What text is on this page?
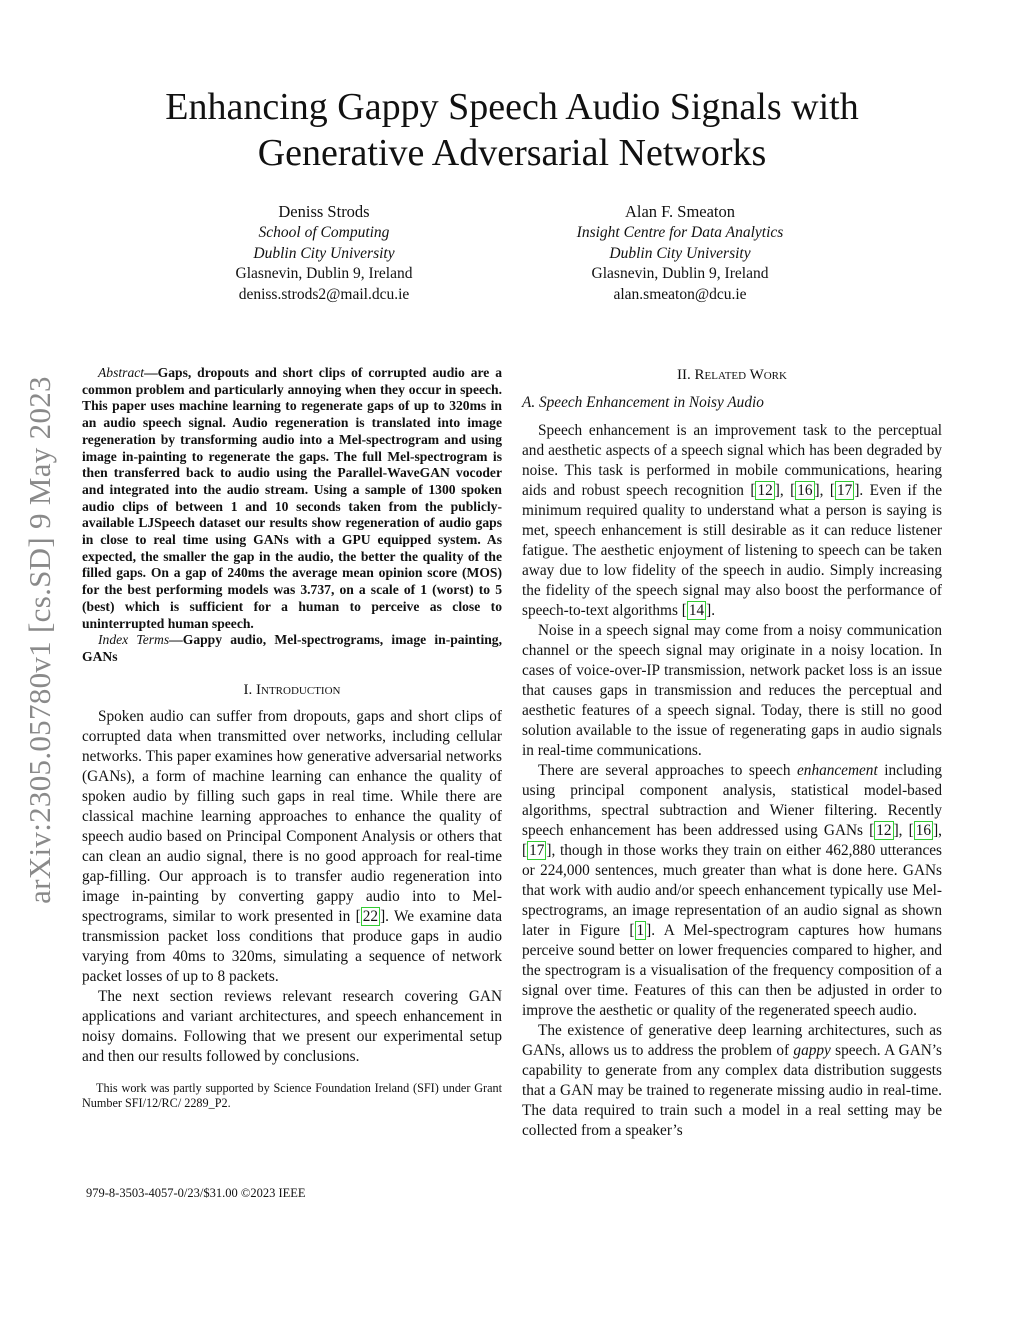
arXiv:2305.05780v1 [cs.SD] 9 May 2023
Enhancing Gappy Speech Audio Signals with
Generative Adversarial Networks
Deniss Strods
School of Computing
Dublin City University
Glasnevin, Dublin 9, Ireland
deniss.strods2@mail.dcu.ie
Alan F. Smeaton
Insight Centre for Data Analytics
Dublin City University
Glasnevin, Dublin 9, Ireland
alan.smeaton@dcu.ie

Abstract—Gaps, dropouts and short clips of corrupted audio are a common problem and particularly annoying when they occur in speech. This paper uses machine learning to regenerate gaps of up to 320ms in an audio speech signal. Audio regeneration is translated into image regeneration by transforming audio into a Mel-spectrogram and using image in-painting to regenerate the gaps. The full Mel-spectrogram is then transferred back to audio using the Parallel-WaveGAN vocoder and integrated into the audio stream. Using a sample of 1300 spoken audio clips of between 1 and 10 seconds taken from the publicly-available LJSpeech dataset our results show regeneration of audio gaps in close to real time using GANs with a GPU equipped system. As expected, the smaller the gap in the audio, the better the quality of the filled gaps. On a gap of 240ms the average mean opinion score (MOS) for the best performing models was 3.737, on a scale of 1 (worst) to 5 (best) which is sufficient for a human to perceive as close to uninterrupted human speech.

Index Terms—Gappy audio, Mel-spectrograms, image in-painting, GANs

I. Introduction

Spoken audio can suffer from dropouts, gaps and short clips of corrupted data when transmitted over networks, including cellular networks. This paper examines how generative adversarial networks (GANs), a form of machine learning can enhance the quality of spoken audio by filling such gaps in real time. While there are classical machine learning approaches to enhance the quality of speech audio based on Principal Component Analysis or others that can clean an audio signal, there is no good approach for real-time gap-filling. Our approach is to transfer audio regeneration into image in-painting by converting gappy audio into to Mel-spectrograms, similar to work presented in [ 22 ]. We examine data transmission packet loss conditions that produce gaps in audio varying from 40ms to 320ms, simulating a sequence of network packet losses of up to 8 packets.

The next section reviews relevant research covering GAN applications and variant architectures, and speech enhancement in noisy domains. Following that we present our experimental setup and then our results followed by conclusions.

This work was partly supported by Science Foundation Ireland (SFI) under Grant Number SFI/12/RC/ 2289_P2.

979-8-3503-4057-0/23/$31.00 ©2023 IEEE

II. Related Work

A. Speech Enhancement in Noisy Audio

Speech enhancement is an improvement task to the perceptual and aesthetic aspects of a speech signal which has been degraded by noise. This task is performed in mobile communications, hearing aids and robust speech recognition [ 12 ], [ 16 ], [ 17 ]. Even if the minimum required quality to understand what a person is saying is met, speech enhancement is still desirable as it can reduce listener fatigue. The aesthetic enjoyment of listening to speech can be taken away due to low fidelity of the speech in audio. Simply increasing the fidelity of the speech signal may also boost the performance of speech-to-text algorithms [ 14 ].

Noise in a speech signal may come from a noisy communication channel or the speech signal may originate in a noisy location. In cases of voice-over-IP transmission, network packet loss is an issue that causes gaps in transmission and reduces the perceptual and aesthetic features of a speech signal. Today, there is still no good solution available to the issue of regenerating gaps in audio signals in real-time communications.

There are several approaches to speech enhancement including using principal component analysis, statistical model-based algorithms, spectral subtraction and Wiener filtering. Recently speech enhancement has been addressed using GANs [ 12 ], [ 16 ], [ 17 ], though in those works they train on either 462,880 utterances or 224,000 sentences, much greater than what is done here. GANs that work with audio and/or speech enhancement typically use Mel-spectrograms, an image representation of an audio signal as shown later in Figure [ 1 ]. A Mel-spectrogram captures how humans perceive sound better on lower frequencies compared to higher, and the spectrogram is a visualisation of the frequency composition of a signal over time. Features of this can then be adjusted in order to improve the aesthetic or quality of the regenerated speech audio.

The existence of generative deep learning architectures, such as GANs, allows us to address the problem of gappy speech. A GAN’s capability to generate from any complex data distribution suggests that a GAN may be trained to regenerate missing audio in real-time. The data required to train such a model in a real setting may be collected from a speaker’s
